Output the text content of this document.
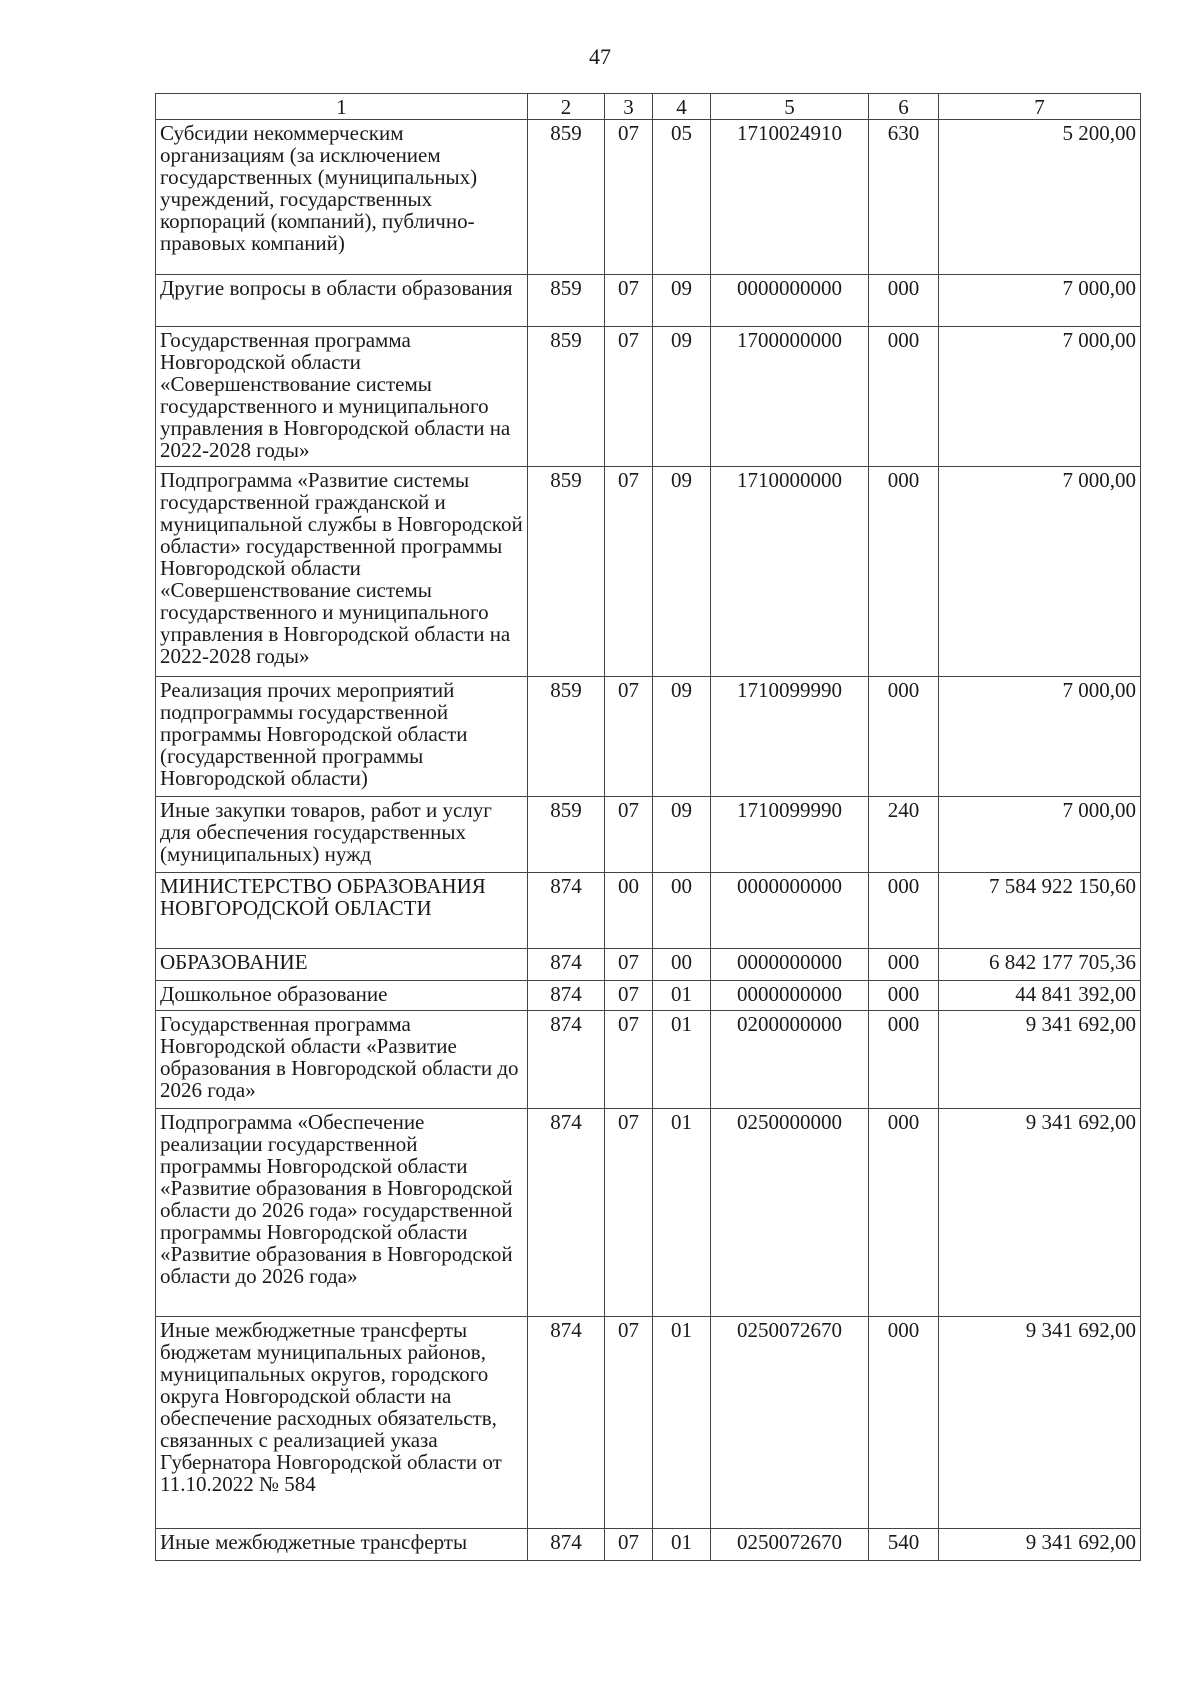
47
1	2	3	4	5	6	7
Субсидии некоммерческим организациям (за исключением государственных (муниципальных) учреждений, государственных корпораций (компаний), публично-правовых компаний)	859	07	05	1710024910	630	5 200,00
Другие вопросы в области образования	859	07	09	0000000000	000	7 000,00
Государственная программа Новгородской области «Совершенствование системы государственного и муниципального управления в Новгородской области на 2022-2028 годы»	859	07	09	1700000000	000	7 000,00
Подпрограмма «Развитие системы государственной гражданской и муниципальной службы в Новгородской области» государственной программы Новгородской области «Совершенствование системы государственного и муниципального управления в Новгородской области на 2022-2028 годы»	859	07	09	1710000000	000	7 000,00
Реализация прочих мероприятий подпрограммы государственной программы Новгородской области (государственной программы Новгородской области)	859	07	09	1710099990	000	7 000,00
Иные закупки товаров, работ и услуг для обеспечения государственных (муниципальных) нужд	859	07	09	1710099990	240	7 000,00
МИНИСТЕРСТВО ОБРАЗОВАНИЯ НОВГОРОДСКОЙ ОБЛАСТИ	874	00	00	0000000000	000	7 584 922 150,60
ОБРАЗОВАНИЕ	874	07	00	0000000000	000	6 842 177 705,36
Дошкольное образование	874	07	01	0000000000	000	44 841 392,00
Государственная программа Новгородской области «Развитие образования в Новгородской области до 2026 года»	874	07	01	0200000000	000	9 341 692,00
Подпрограмма «Обеспечение реализации государственной программы Новгородской области «Развитие образования в Новгородской области до 2026 года» государственной программы Новгородской области «Развитие образования в Новгородской области до 2026 года»	874	07	01	0250000000	000	9 341 692,00
Иные межбюджетные трансферты бюджетам муниципальных районов, муниципальных округов, городского округа Новгородской области на обеспечение расходных обязательств, связанных с реализацией указа Губернатора Новгородской области от 11.10.2022 № 584	874	07	01	0250072670	000	9 341 692,00
Иные межбюджетные трансферты	874	07	01	0250072670	540	9 341 692,00
